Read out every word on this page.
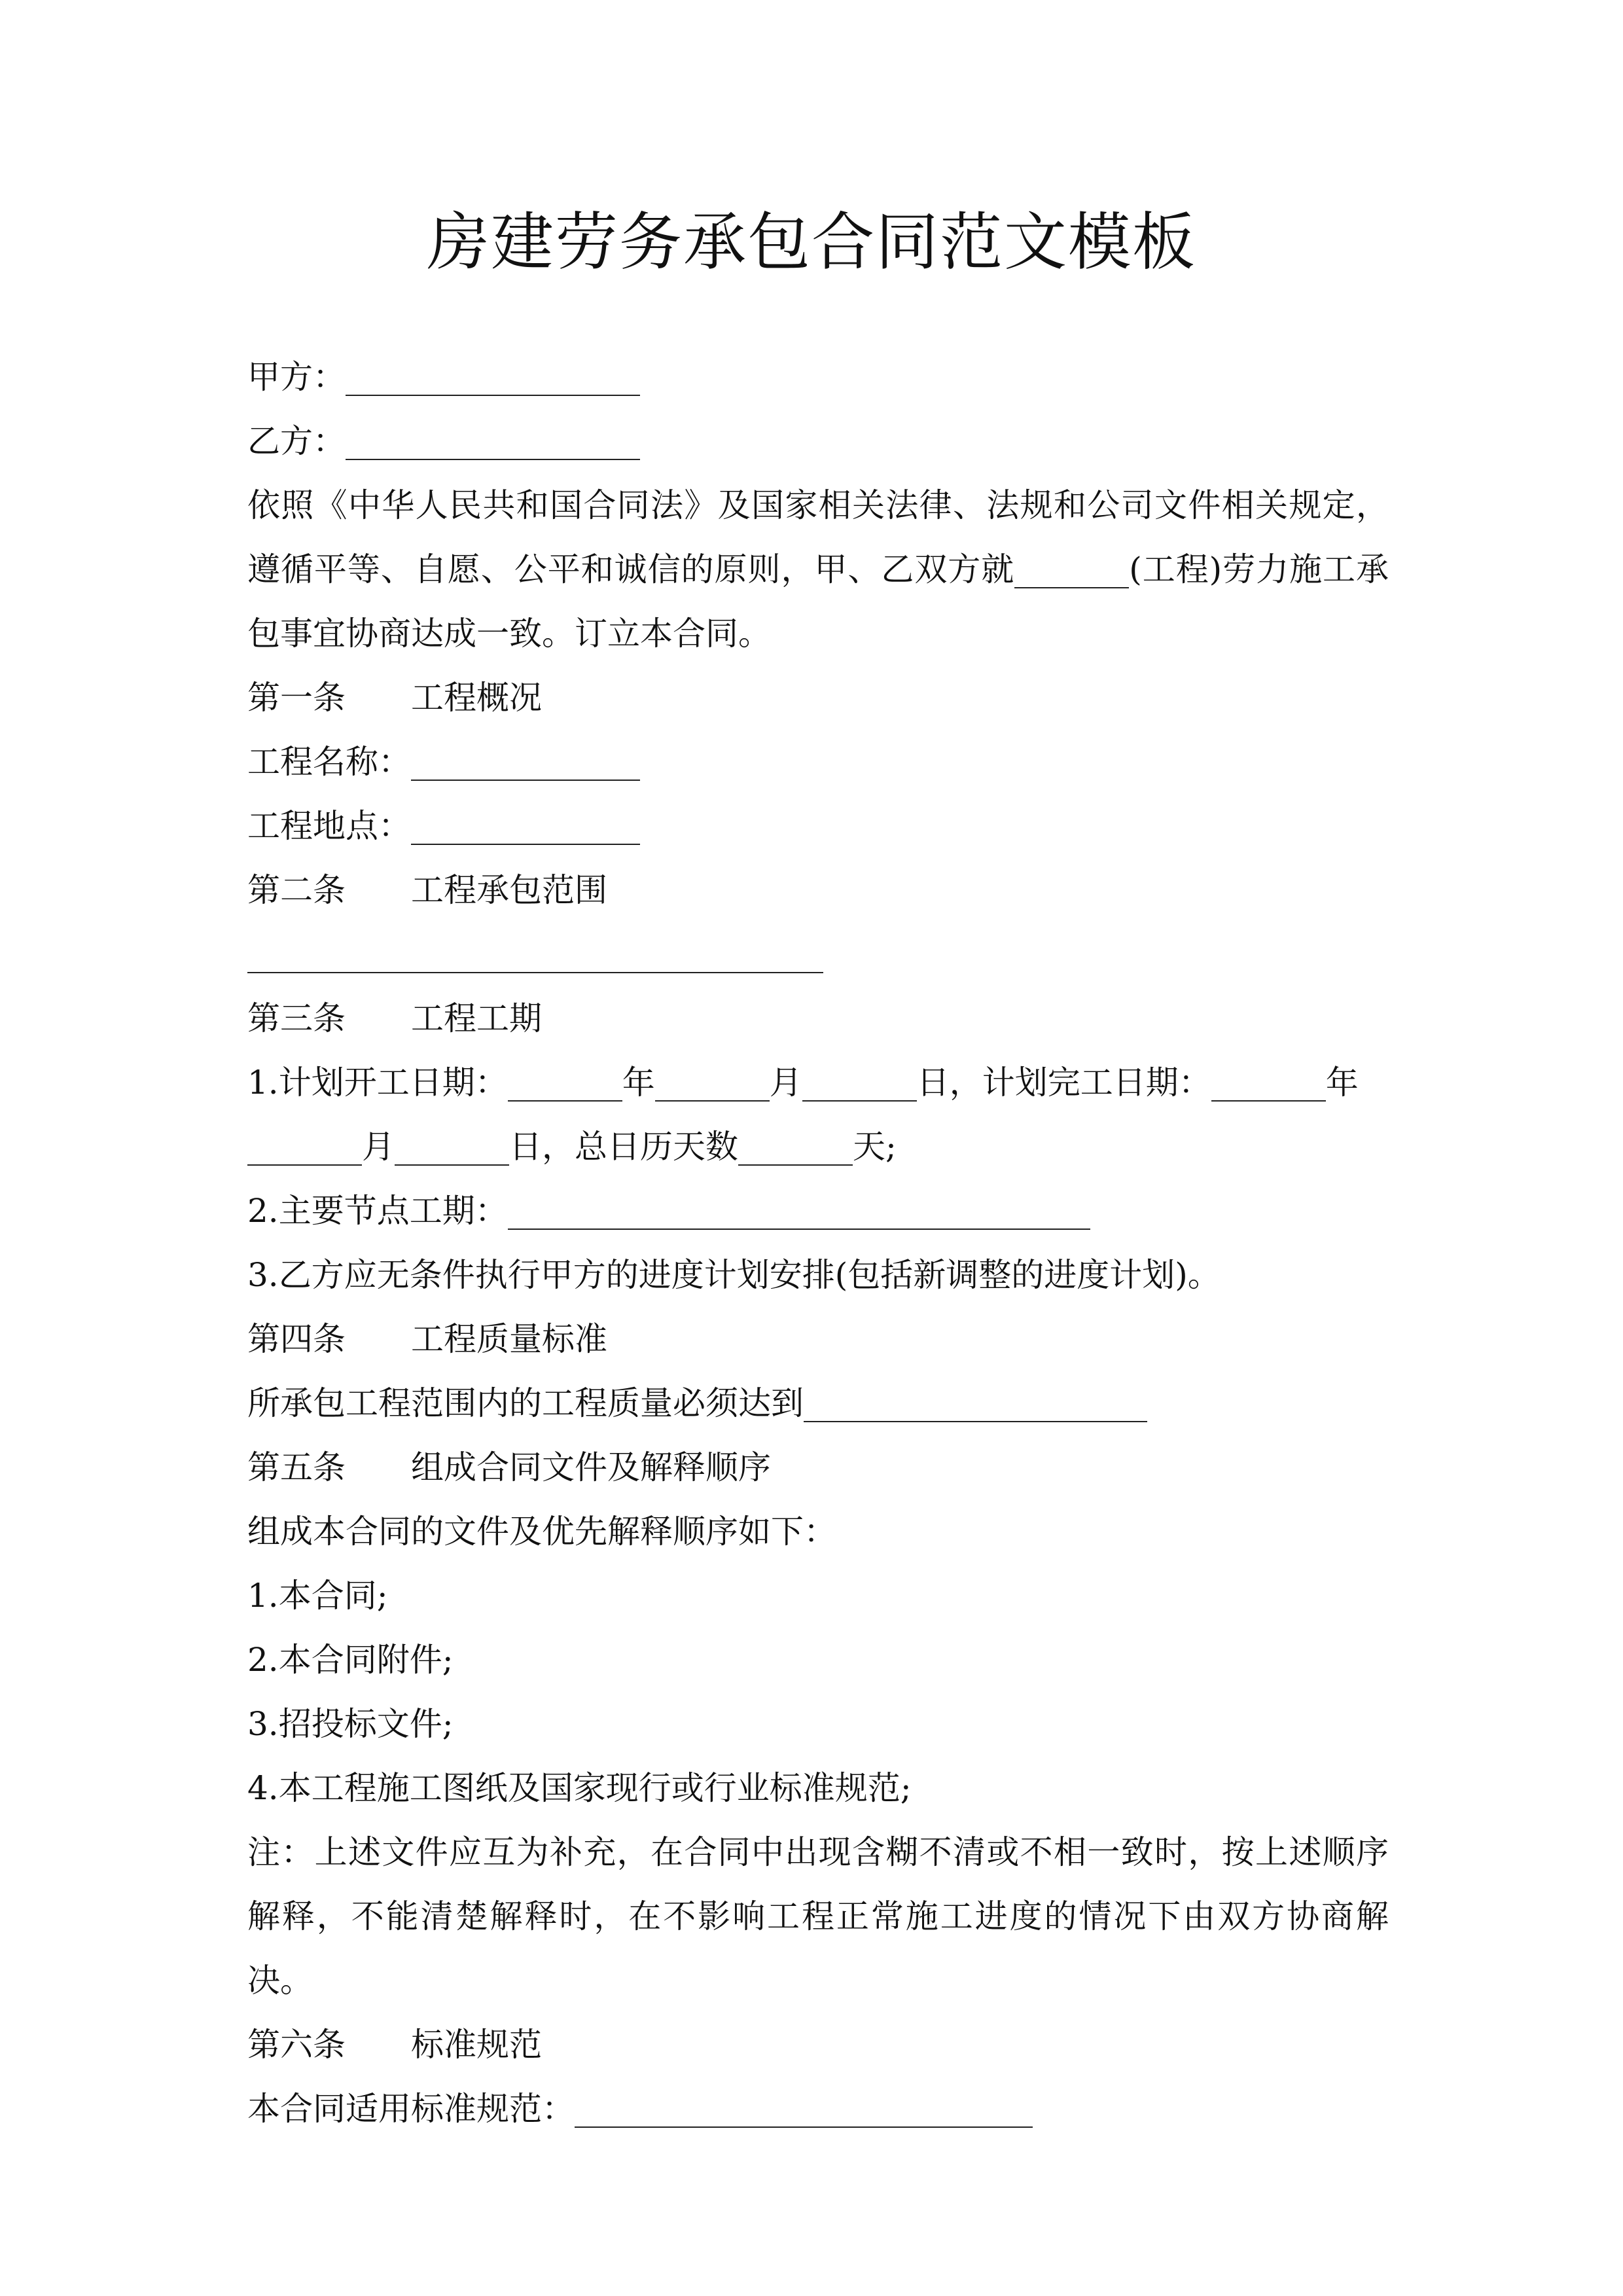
房建劳务承包合同范文模板
甲方：
乙方：
依照《中华人民共和国合同法》及国家相关法律、法规和公司文件相关规定，遵循平等、自愿、公平和诚信的原则，甲、乙双方就	(工程)劳力施工承包事宜协商达成一致。订立本合同。
第一条 工程概况
工程名称：
工程地点：
第二条 工程承包范围
第三条 工程工期
1.计划开工日期：	年	月	日，计划完工日期：	年
月	日，总日历天数	天;
2.主要节点工期：
3.乙方应无条件执行甲方的进度计划安排(包括新调整的进度计划)。
第四条 工程质量标准
所承包工程范围内的工程质量必须达到
第五条 组成合同文件及解释顺序
组成本合同的文件及优先解释顺序如下：
1.本合同;
2.本合同附件;
3.招投标文件;
4.本工程施工图纸及国家现行或行业标准规范;
注：上述文件应互为补充，在合同中出现含糊不清或不相一致时，按上述顺序解释，不能清楚解释时，在不影响工程正常施工进度的情况下由双方协商解决。
第六条 标准规范
本合同适用标准规范：
